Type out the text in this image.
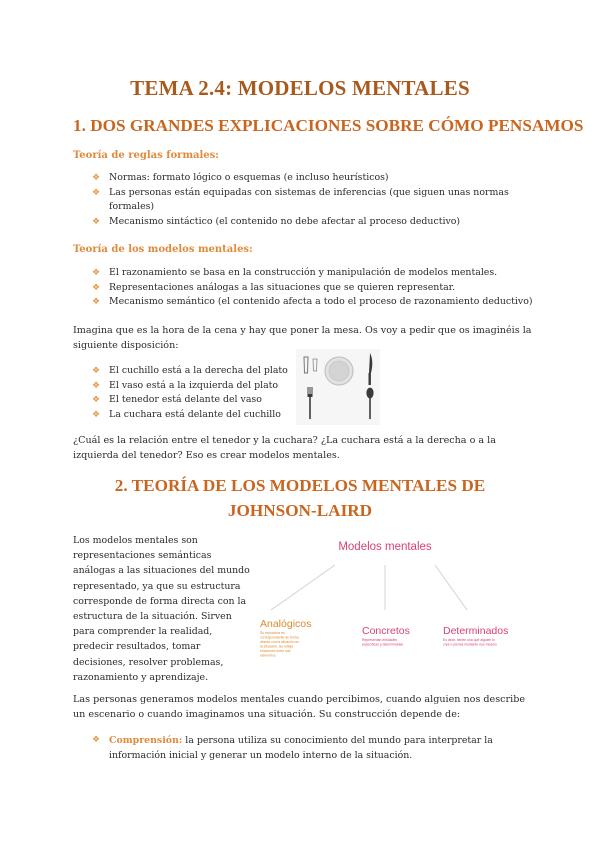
TEMA 2.4: MODELOS MENTALES
1. DOS GRANDES EXPLICACIONES SOBRE CÓMO PENSAMOS
Teoría de reglas formales:
❖ Normas: formato lógico o esquemas (e incluso heurísticos)
❖ Las personas están equipadas con sistemas de inferencias (que siguen unas normas formales)
❖ Mecanismo sintáctico (el contenido no debe afectar al proceso deductivo)
Teoría de los modelos mentales:
❖ El razonamiento se basa en la construcción y manipulación de modelos mentales.
❖ Representaciones análogas a las situaciones que se quieren representar.
❖ Mecanismo semántico (el contenido afecta a todo el proceso de razonamiento deductivo)
Imagina que es la hora de la cena y hay que poner la mesa. Os voy a pedir que os imaginéis la siguiente disposición:
❖ El cuchillo está a la derecha del plato
❖ El vaso está a la izquierda del plato
❖ El tenedor está delante del vaso
❖ La cuchara está delante del cuchillo
¿Cuál es la relación entre el tenedor y la cuchara? ¿La cuchara está a la derecha o a la izquierda del tenedor? Eso es crear modelos mentales.
2. TEORÍA DE LOS MODELOS MENTALES DE
JOHNSON-LAIRD
Los modelos mentales son
representaciones semánticas
análogas a las situaciones del mundo
representado, ya que su estructura
corresponde de forma directa con la
estructura de la situación. Sirven
para comprender la realidad,
predecir resultados, tomar
decisiones, resolver problemas,
razonamiento y aprendizaje.
Modelos mentales
Analógicos
Su estructura es
correspondiente de forma
directa con la situación en
la situación. Se refleja
relaciones entre sus
elementos
Concretos
Representan entidades
específicas y determinadas
Determinados
Es decir, tienen una que alguien lo
cree o piensa mediante ese modelo
Las personas generamos modelos mentales cuando percibimos, cuando alguien nos describe un escenario o cuando imaginamos una situación. Su construcción depende de:
❖ Comprensión: la persona utiliza su conocimiento del mundo para interpretar la información inicial y generar un modelo interno de la situación.
